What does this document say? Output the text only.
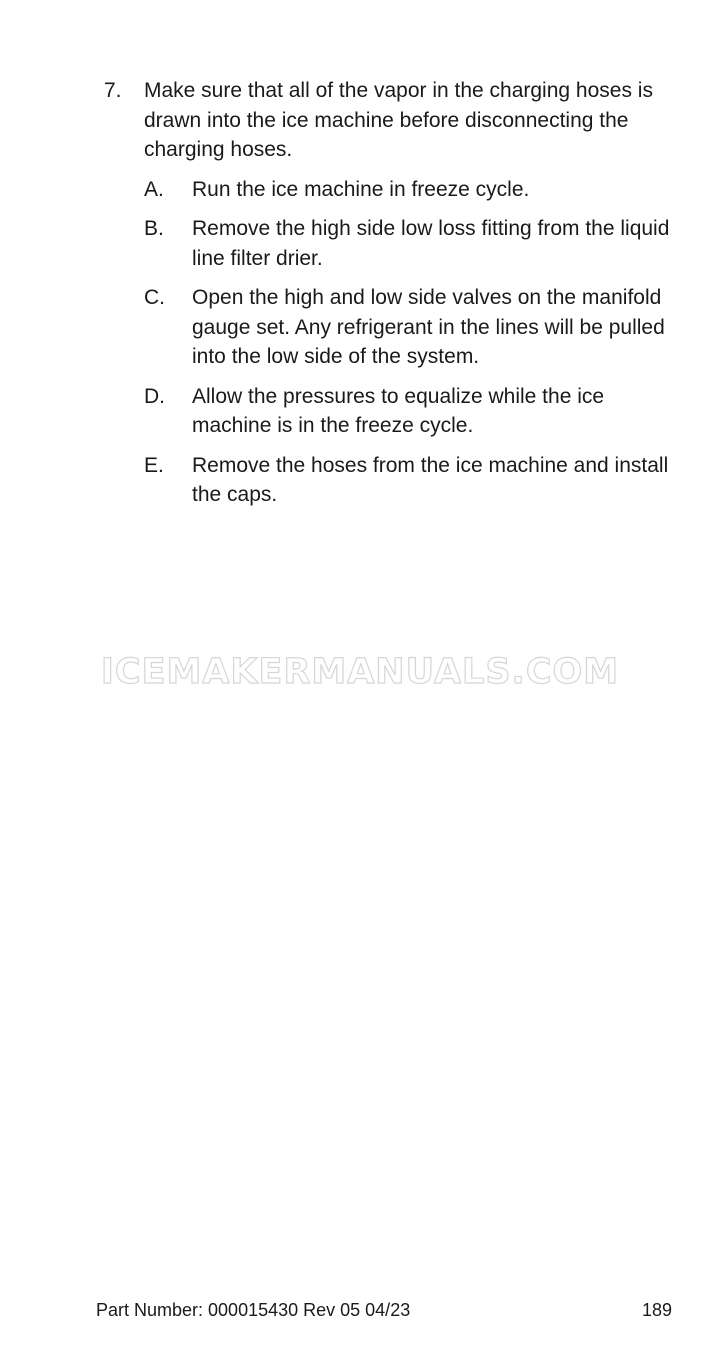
7. Make sure that all of the vapor in the charging hoses is drawn into the ice machine before disconnecting the charging hoses.
A. Run the ice machine in freeze cycle.
B. Remove the high side low loss fitting from the liquid line filter drier.
C. Open the high and low side valves on the manifold gauge set. Any refrigerant in the lines will be pulled into the low side of the system.
D. Allow the pressures to equalize while the ice machine is in the freeze cycle.
E. Remove the hoses from the ice machine and install the caps.
ICEMAKERMANUALS.COM
Part Number: 000015430 Rev 05 04/23	189
